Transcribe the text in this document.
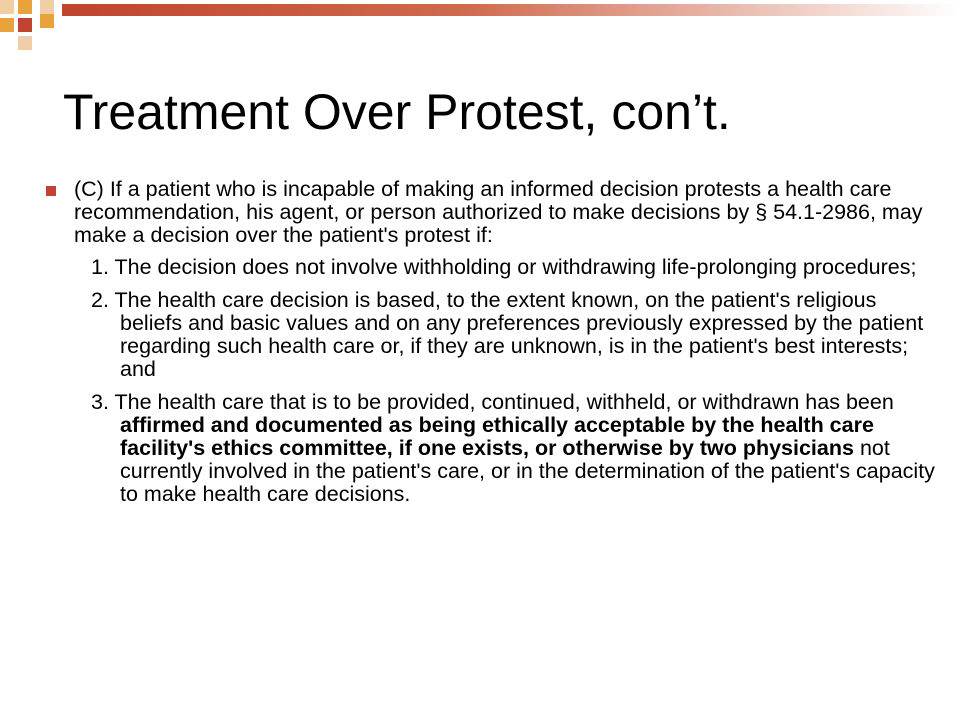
Treatment Over Protest, con’t.
(C) If a patient who is incapable of making an informed decision protests a health care recommendation, his agent, or person authorized to make decisions by § 54.1-2986, may make a decision over the patient's protest if:
1. The decision does not involve withholding or withdrawing life-prolonging procedures;
2. The health care decision is based, to the extent known, on the patient's religious beliefs and basic values and on any preferences previously expressed by the patient regarding such health care or, if they are unknown, is in the patient's best interests; and
3. The health care that is to be provided, continued, withheld, or withdrawn has been affirmed and documented as being ethically acceptable by the health care facility's ethics committee, if one exists, or otherwise by two physicians not currently involved in the patient's care, or in the determination of the patient's capacity to make health care decisions.
